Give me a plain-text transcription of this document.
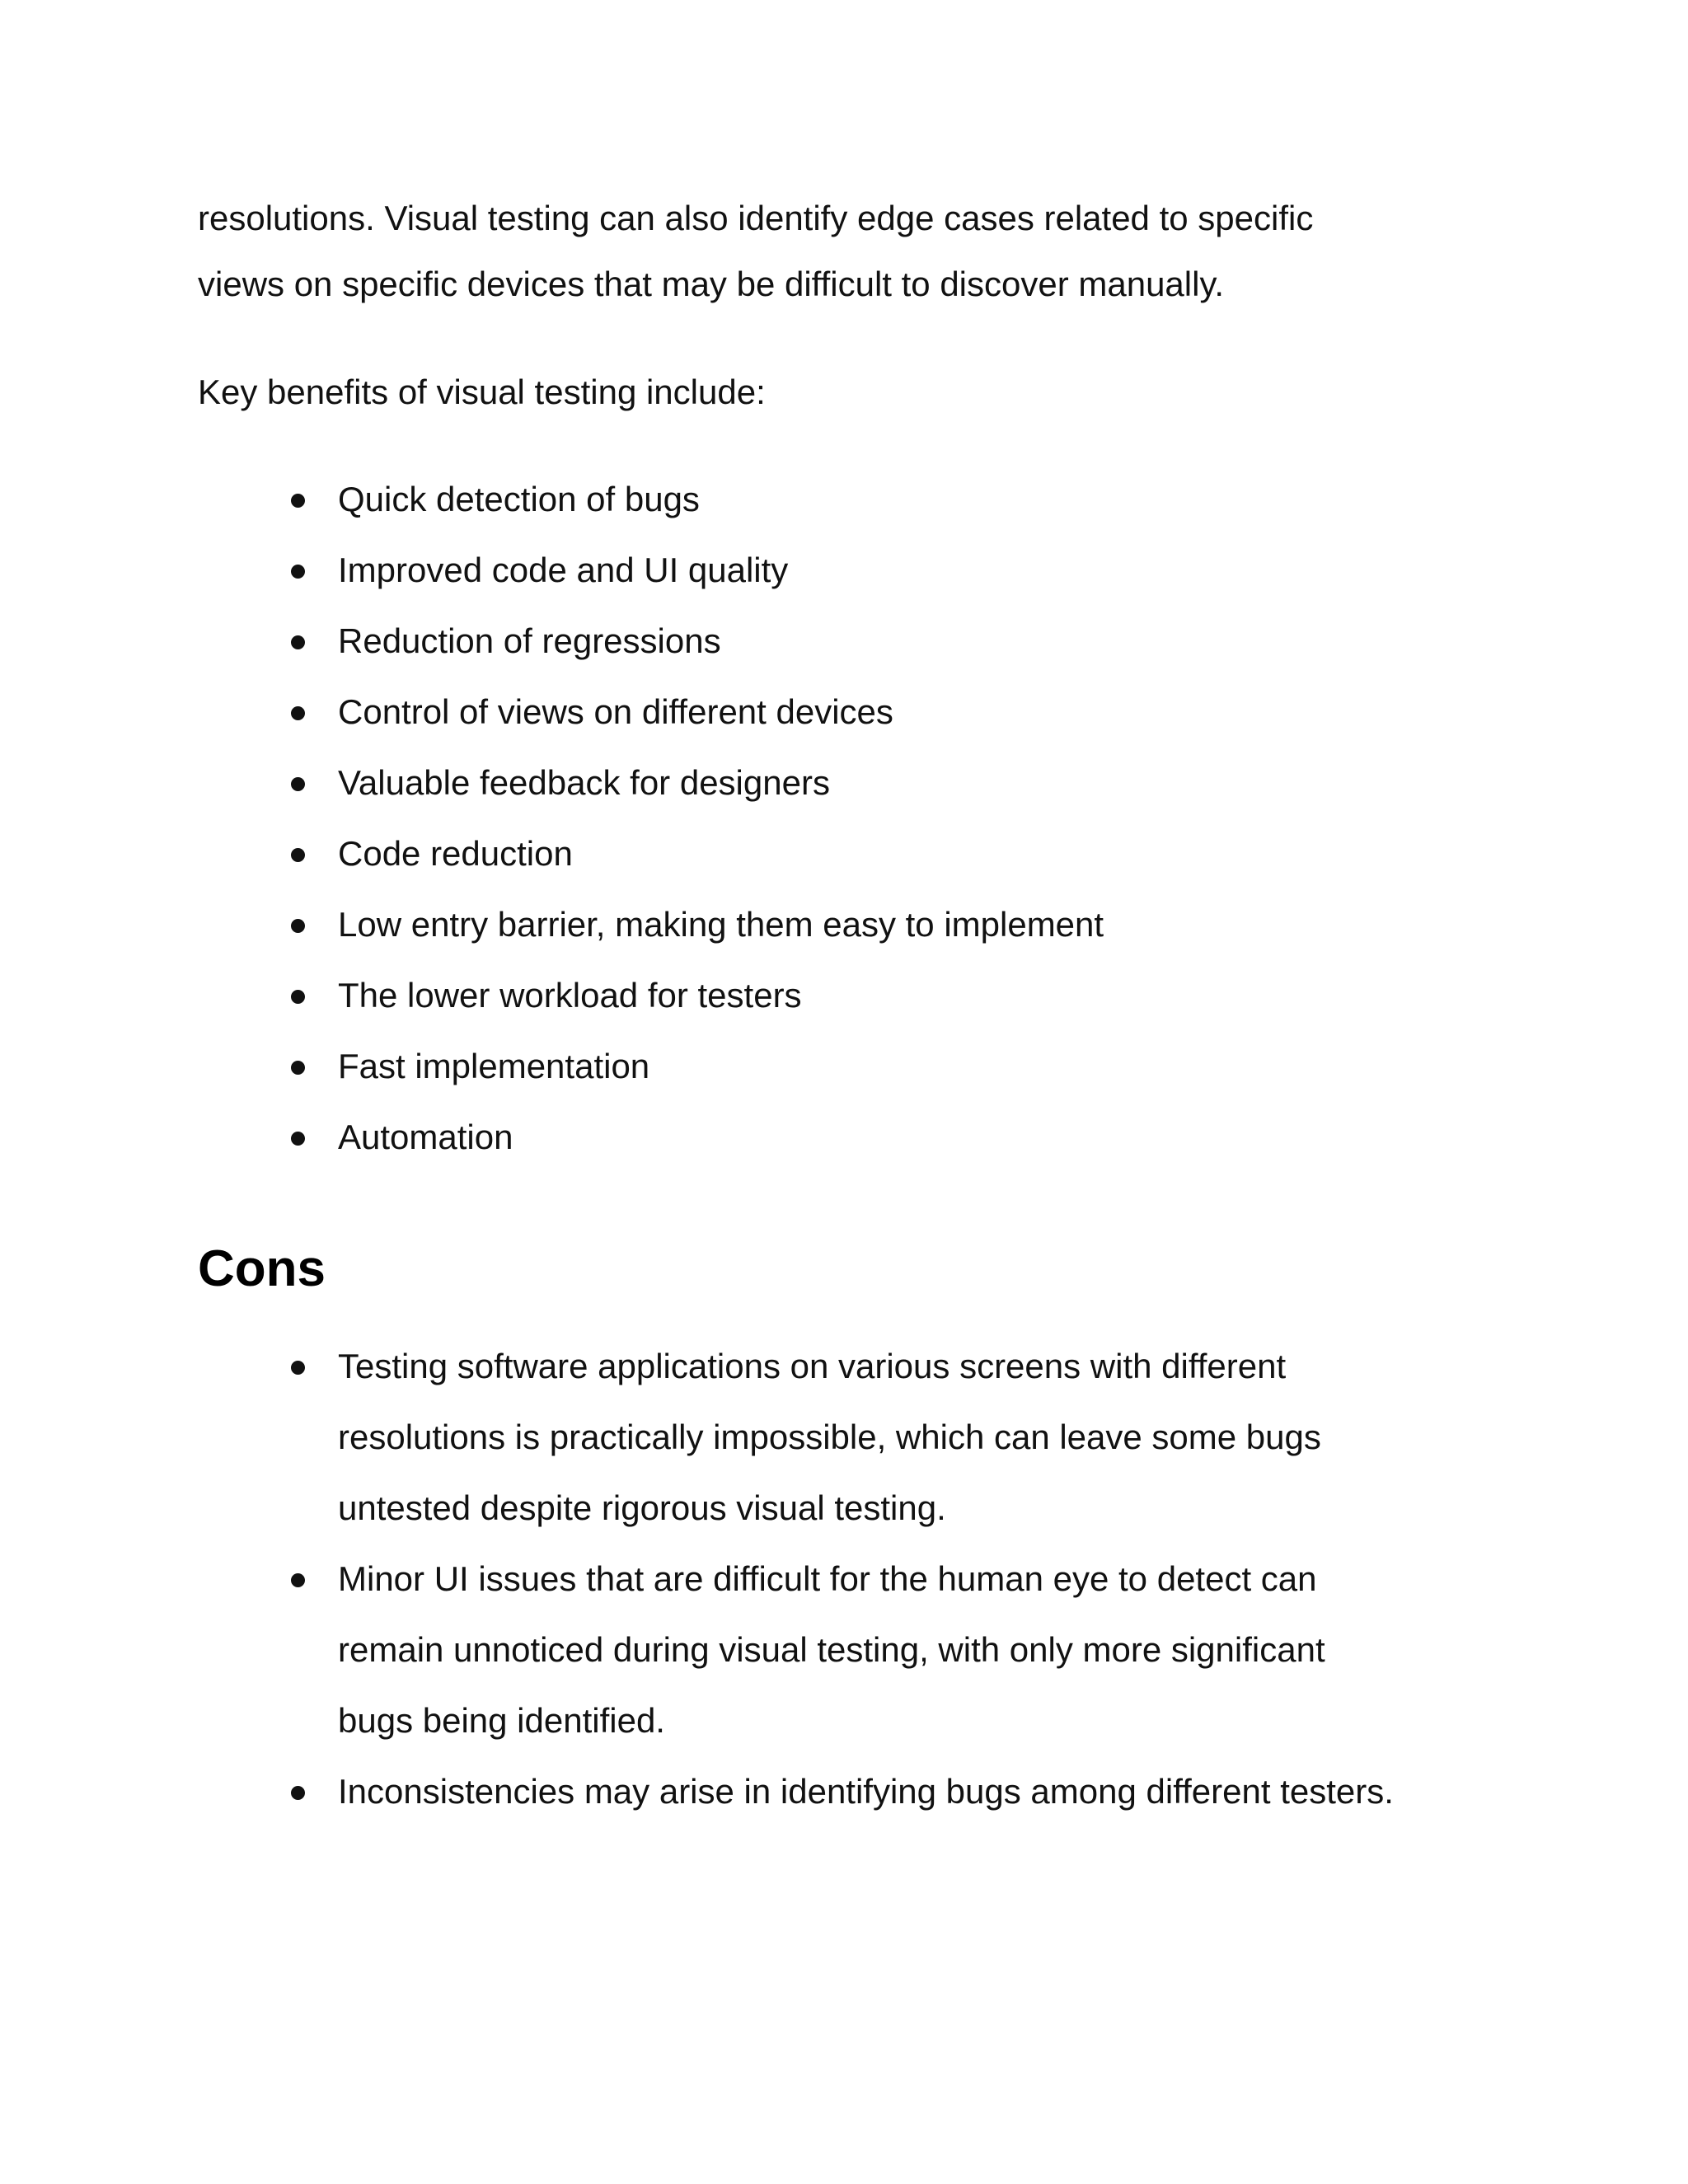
resolutions. Visual testing can also identify edge cases related to specific
views on specific devices that may be difficult to discover manually.
Key benefits of visual testing include:
Quick detection of bugs
Improved code and UI quality
Reduction of regressions
Control of views on different devices
Valuable feedback for designers
Code reduction
Low entry barrier, making them easy to implement
The lower workload for testers
Fast implementation
Automation
Cons
Testing software applications on various screens with different
resolutions is practically impossible, which can leave some bugs
untested despite rigorous visual testing.
Minor UI issues that are difficult for the human eye to detect can
remain unnoticed during visual testing, with only more significant
bugs being identified.
Inconsistencies may arise in identifying bugs among different testers.
